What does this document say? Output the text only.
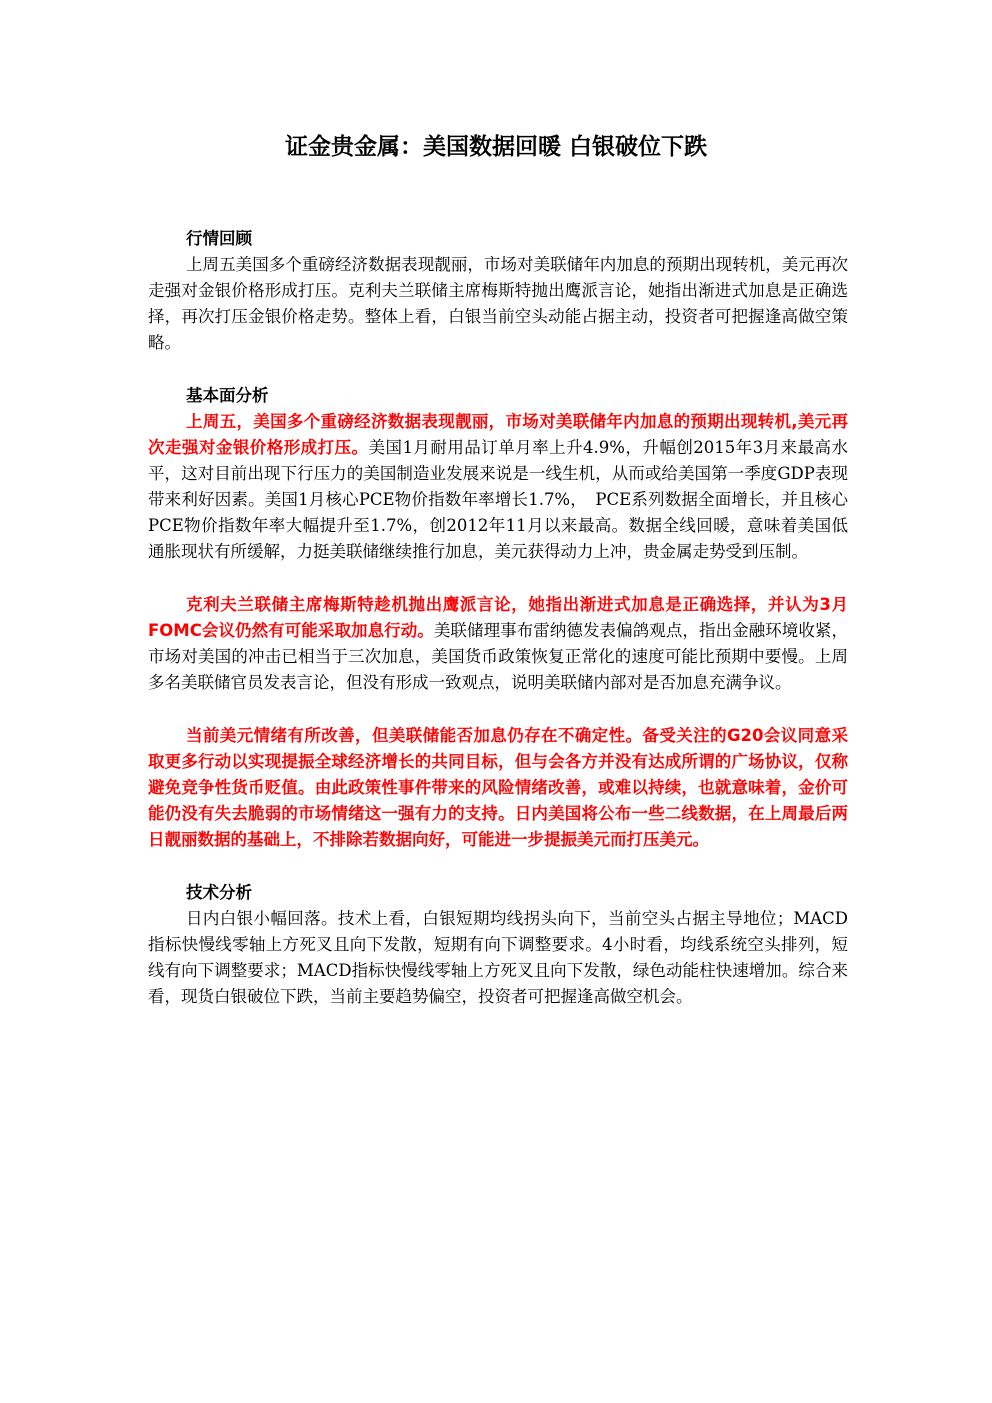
证金贵金属：美国数据回暖 白银破位下跌
行情回顾

上周五美国多个重磅经济数据表现靓丽，市场对美联储年内加息的预期出现转机，美元再次走强对金银价格形成打压。克利夫兰联储主席梅斯特抛出鹰派言论，她指出渐进式加息是正确选择，再次打压金银价格走势。整体上看，白银当前空头动能占据主动，投资者可把握逢高做空策略。

基本面分析

上周五，美国多个重磅经济数据表现靓丽，市场对美联储年内加息的预期出现转机,美元再次走强对金银价格形成打压。美国1月耐用品订单月率上升4.9%，升幅创2015年3月来最高水平，这对目前出现下行压力的美国制造业发展来说是一线生机，从而或给美国第一季度GDP表现带来利好因素。美国1月核心PCE物价指数年率增长1.7%，　PCE系列数据全面增长，并且核心PCE物价指数年率大幅提升至1.7%，创2012年11月以来最高。数据全线回暖，意味着美国低通胀现状有所缓解，力挺美联储继续推行加息，美元获得动力上冲，贵金属走势受到压制。

克利夫兰联储主席梅斯特趁机抛出鹰派言论，她指出渐进式加息是正确选择，并认为3月FOMC会议仍然有可能采取加息行动。美联储理事布雷纳德发表偏鸽观点，指出金融环境收紧，市场对美国的冲击已相当于三次加息，美国货币政策恢复正常化的速度可能比预期中要慢。上周多名美联储官员发表言论，但没有形成一致观点，说明美联储内部对是否加息充满争议。

当前美元情绪有所改善，但美联储能否加息仍存在不确定性。备受关注的G20会议同意采取更多行动以实现提振全球经济增长的共同目标，但与会各方并没有达成所谓的广场协议，仅称避免竞争性货币贬值。由此政策性事件带来的风险情绪改善，或难以持续，也就意味着，金价可能仍没有失去脆弱的市场情绪这一强有力的支持。日内美国将公布一些二线数据，在上周最后两日靓丽数据的基础上，不排除若数据向好，可能进一步提振美元而打压美元。

技术分析

日内白银小幅回落。技术上看，白银短期均线拐头向下，当前空头占据主导地位；MACD指标快慢线零轴上方死叉且向下发散，短期有向下调整要求。4小时看，均线系统空头排列，短线有向下调整要求；MACD指标快慢线零轴上方死叉且向下发散，绿色动能柱快速增加。综合来看，现货白银破位下跌，当前主要趋势偏空，投资者可把握逢高做空机会。
